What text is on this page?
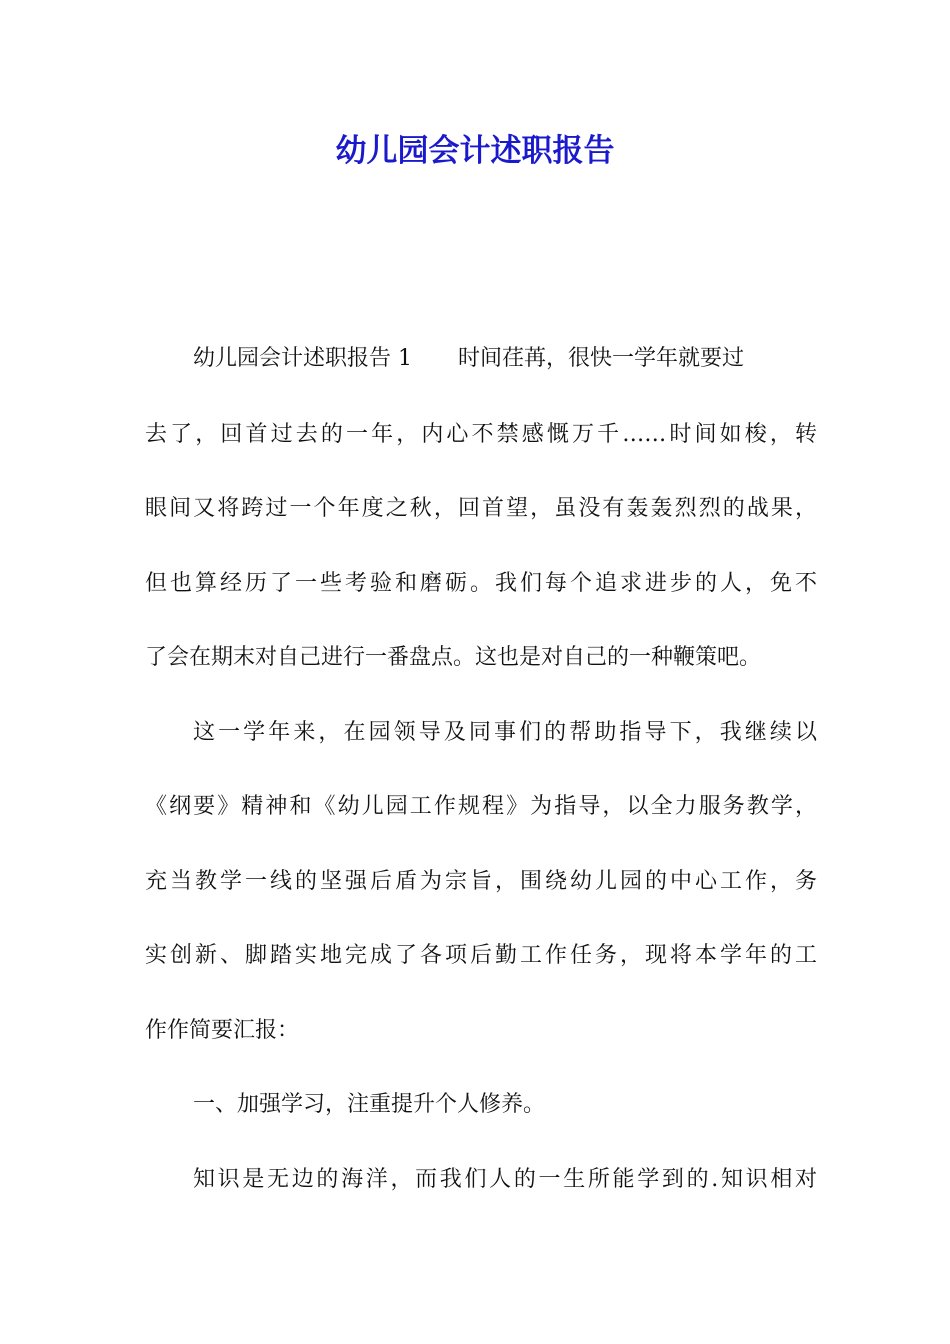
幼儿园会计述职报告
幼儿园会计述职报告 1 时间荏苒，很快一学年就要过
去了，回首过去的一年，内心不禁感慨万千……时间如梭，转
眼间又将跨过一个年度之秋，回首望，虽没有轰轰烈烈的战果，
但也算经历了一些考验和磨砺。我们每个追求进步的人，免不
了会在期末对自己进行一番盘点。这也是对自己的一种鞭策吧。
这一学年来，在园领导及同事们的帮助指导下，我继续以
《纲要》精神和《幼儿园工作规程》为指导，以全力服务教学，
充当教学一线的坚强后盾为宗旨，围绕幼儿园的中心工作，务
实创新、脚踏实地完成了各项后勤工作任务，现将本学年的工
作作简要汇报：
一、加强学习，注重提升个人修养。
知识是无边的海洋，而我们人的一生所能学到的.知识相对
